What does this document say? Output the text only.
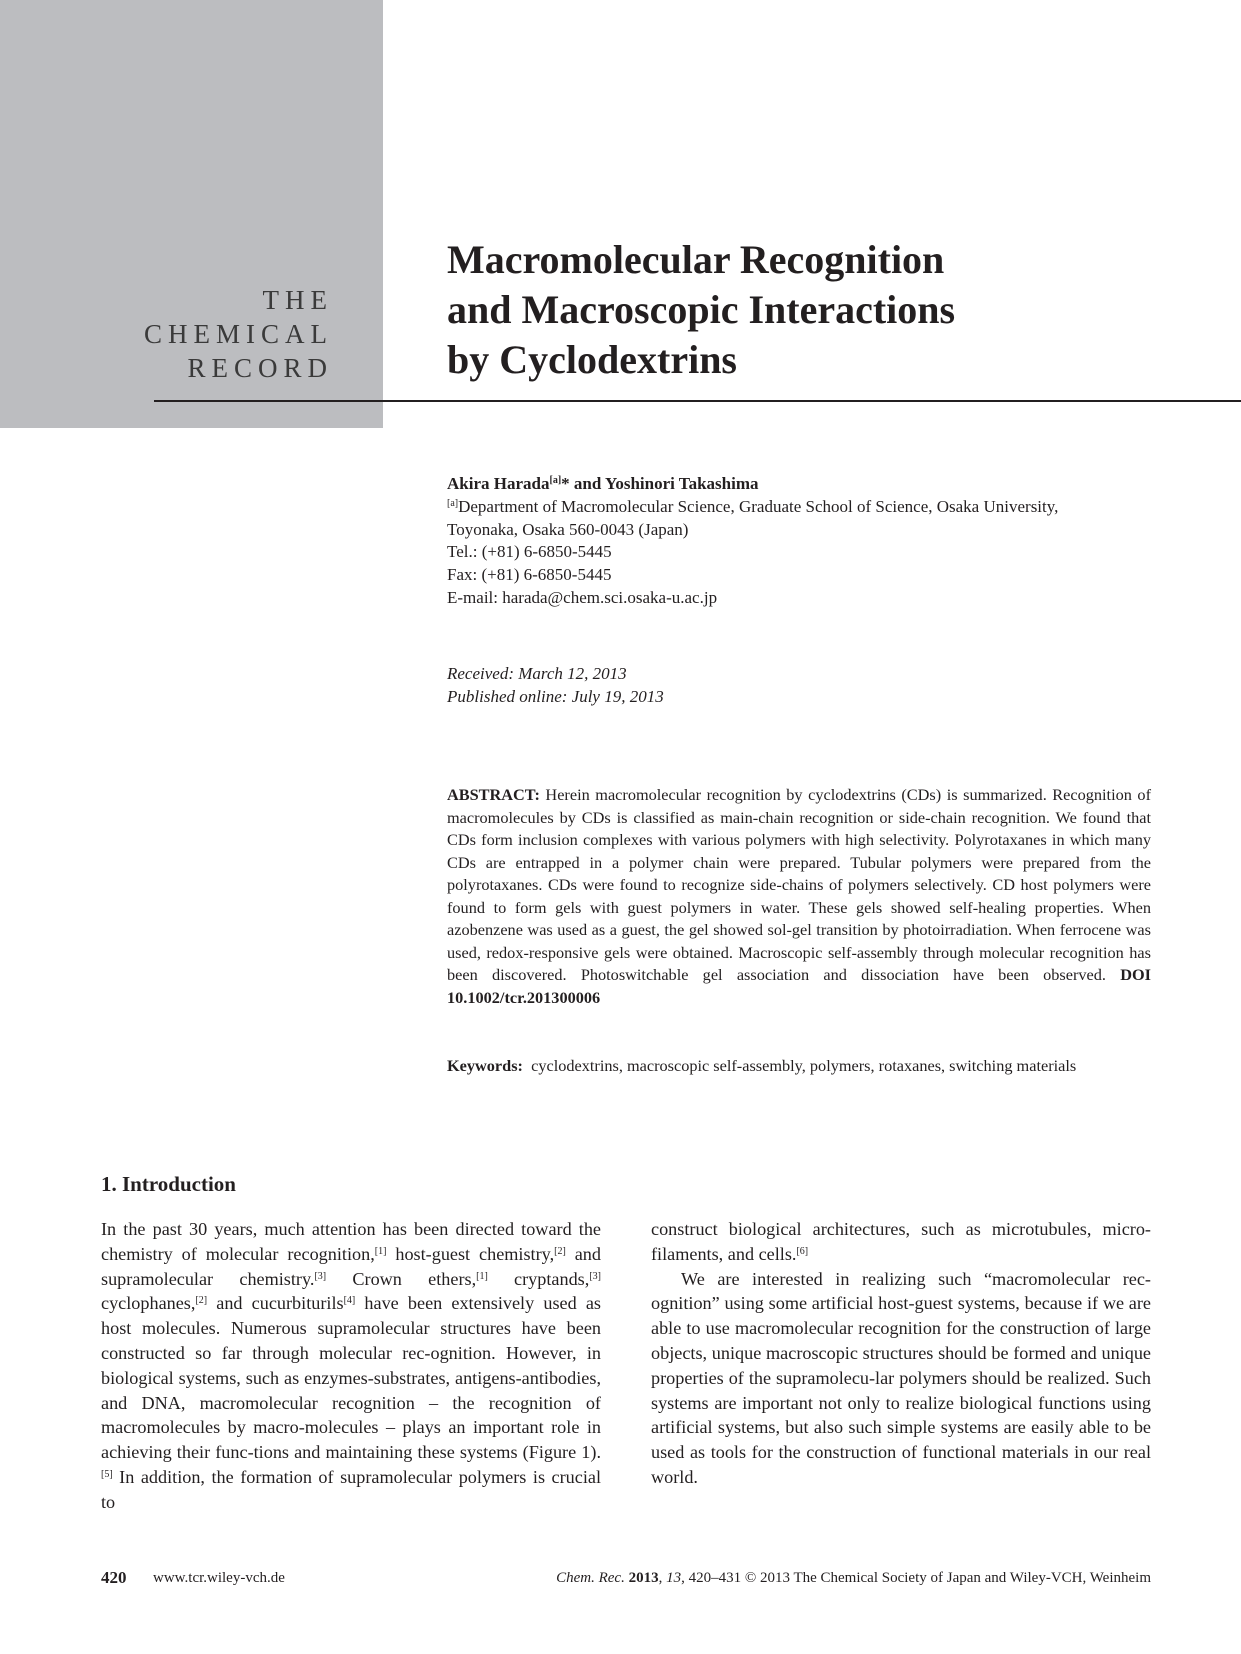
THE
CHEMICAL
RECORD
Macromolecular Recognition
and Macroscopic Interactions
by Cyclodextrins
Akira Harada[a]* and Yoshinori Takashima
[a]Department of Macromolecular Science, Graduate School of Science, Osaka University,
Toyonaka, Osaka 560-0043 (Japan)
Tel.: (+81) 6-6850-5445
Fax: (+81) 6-6850-5445
E-mail: harada@chem.sci.osaka-u.ac.jp
Received: March 12, 2013
Published online: July 19, 2013

ABSTRACT: Herein macromolecular recognition by cyclodextrins (CDs) is summarized. Recognition of macromolecules by CDs is classified as main-chain recognition or side-chain recognition. We found that CDs form inclusion complexes with various polymers with high selectivity. Polyrotaxanes in which many CDs are entrapped in a polymer chain were prepared. Tubular polymers were prepared from the polyrotaxanes. CDs were found to recognize side-chains of polymers selectively. CD host polymers were found to form gels with guest polymers in water. These gels showed self-healing properties. When azobenzene was used as a guest, the gel showed sol-gel transition by photoirradiation. When ferrocene was used, redox-responsive gels were obtained. Macroscopic self-assembly through molecular recognition has been discovered. Photoswitchable gel association and dissociation have been observed. DOI 10.1002/tcr.201300006

Keywords: cyclodextrins, macroscopic self-assembly, polymers, rotaxanes, switching materials
1. Introduction

In the past 30 years, much attention has been directed toward the chemistry of molecular recognition,[1] host-guest chemistry,[2] and supramolecular chemistry.[3] Crown ethers,[1] cryptands,[3] cyclophanes,[2] and cucurbiturils[4] have been extensively used as host molecules. Numerous supramolecular structures have been constructed so far through molecular rec-ognition. However, in biological systems, such as enzymes-substrates, antigens-antibodies, and DNA, macromolecular recognition – the recognition of macromolecules by macro-molecules – plays an important role in achieving their func-tions and maintaining these systems (Figure 1).[5] In addition, the formation of supramolecular polymers is crucial to

construct biological architectures, such as microtubules, micro-filaments, and cells.[6]

We are interested in realizing such “macromolecular rec-ognition” using some artificial host-guest systems, because if we are able to use macromolecular recognition for the construction of large objects, unique macroscopic structures should be formed and unique properties of the supramolecu-lar polymers should be realized. Such systems are important not only to realize biological functions using artificial systems, but also such simple systems are easily able to be used as tools for the construction of functional materials in our real world.

420 www.tcr.wiley-vch.de	Chem. Rec. 2013, 13, 420–431 © 2013 The Chemical Society of Japan and Wiley-VCH, Weinheim
